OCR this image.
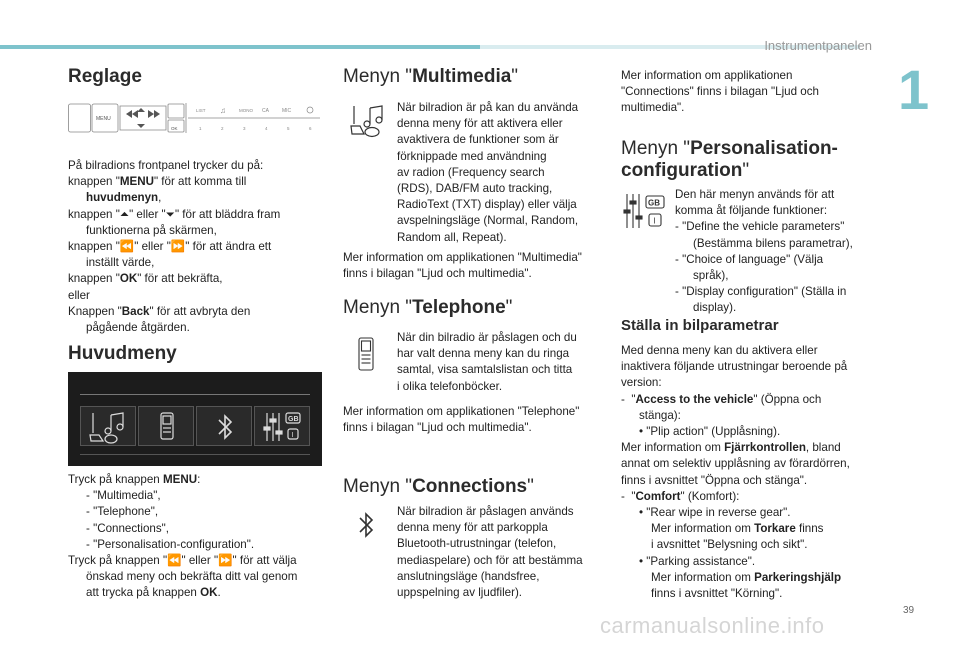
Instrumentpanelen
1
39
carmanualsonline.info
Reglage
MENU
OK
LIST	MONO
1	2	3	4	5	6
♫	CA	MIC
På bilradions frontpanel trycker du på:
knappen "MENU" för att komma till
huvudmenyn,
knappen "⏶" eller "⏷" för att bläddra fram
funktionerna på skärmen,
knappen "⏪" eller "⏩" för att ändra ett
inställt värde,
knappen "OK" för att bekräfta,
eller
Knappen "Back" för att avbryta den
pågående åtgärden.
Huvudmeny
GB
I
Tryck på knappen MENU:
- "Multimedia",
- "Telephone",
- "Connections",
- "Personalisation-configuration".
Tryck på knappen "⏪" eller "⏩" för att välja
önskad meny och bekräfta ditt val genom
att trycka på knappen OK.
Menyn "Multimedia"
När bilradion är på kan du använda
denna meny för att aktivera eller
avaktivera de funktioner som är
förknippade med användning
av radion (Frequency search
(RDS), DAB/FM auto tracking,
RadioText (TXT) display) eller välja
avspelningsläge (Normal, Random,
Random all, Repeat).
Mer information om applikationen "Multimedia"
finns i bilagan "Ljud och multimedia".
Menyn "Telephone"
När din bilradio är påslagen och du
har valt denna meny kan du ringa
samtal, visa samtalslistan och titta
i olika telefonböcker.
Mer information om applikationen "Telephone"
finns i bilagan "Ljud och multimedia".
Menyn "Connections"
När bilradion är påslagen används
denna meny för att parkoppla
Bluetooth-utrustningar (telefon,
mediaspelare) och för att bestämma
anslutningsläge (handsfree,
uppspelning av ljudfiler).
Mer information om applikationen
"Connections" finns i bilagan "Ljud och
multimedia".
Menyn "Personalisation-
configuration"
GB
I
Den här menyn används för att
komma åt följande funktioner:
- "Define the vehicle parameters"
(Bestämma bilens parametrar),
- "Choice of language" (Välja
språk),
- "Display configuration" (Ställa in
display).
Ställa in bilparametrar
Med denna meny kan du aktivera eller
inaktivera följande utrustningar beroende på
version:
-  "Access to the vehicle" (Öppna och
stänga):
• "Plip action" (Upplåsning).
Mer information om Fjärrkontrollen, bland
annat om selektiv upplåsning av förardörren,
finns i avsnittet "Öppna och stänga".
-  "Comfort" (Komfort):
• "Rear wipe in reverse gear".
Mer information om Torkare finns
i avsnittet "Belysning och sikt".
• "Parking assistance".
Mer information om Parkeringshjälp
finns i avsnittet "Körning".
